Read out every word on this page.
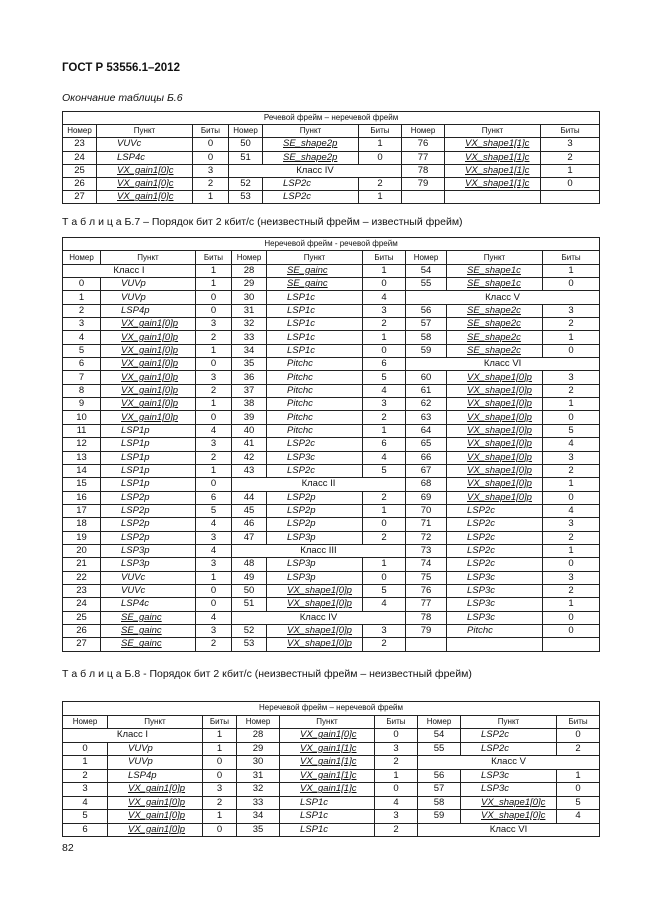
ГОСТ Р 53556.1–2012
Окончание таблицы Б.6
Речевой фрейм – неречевой фрейм								
Номер	Пункт	Биты	Номер	Пункт	Биты	Номер	Пункт	Биты
23	VUVc	0	50	SE_shape2p	1	76	VX_shape1[1]c	3
24	LSP4c	0	51	SE_shape2p	0	77	VX_shape1[1]c	2
25	VX_gain1[0]c	3	Класс IV			78	VX_shape1[1]c	1
26	VX_gain1[0]c	2	52	LSP2c	2	79	VX_shape1[1]c	0
27	VX_gain1[0]c	1	53	LSP2c	1			
Т а б л и ц а Б.7 – Порядок бит 2 кбит/с (неизвестный фрейм – известный фрейм)
Неречевой фрейм - речевой фрейм								
Номер	Пункт	Биты	Номер	Пункт	Биты	Номер	Пункт	Биты
Класс I		1	28	SE_gainc	1	54	SE_shape1c	1
0	VUVp	1	29	SE_gainc	0	55	SE_shape1c	0
1	VUVp	0	30	LSP1c	4	Класс V		
2	LSP4p	0	31	LSP1c	3	56	SE_shape2c	3
3	VX_gain1[0]p	3	32	LSP1c	2	57	SE_shape2c	2
4	VX_gain1[0]p	2	33	LSP1c	1	58	SE_shape2c	1
5	VX_gain1[0]p	1	34	LSP1c	0	59	SE_shape2c	0
6	VX_gain1[0]p	0	35	Pitchc	6	Класс VI		
7	VX_gain1[0]p	3	36	Pitchc	5	60	VX_shape1[0]p	3
8	VX_gain1[0]p	2	37	Pitchc	4	61	VX_shape1[0]p	2
9	VX_gain1[0]p	1	38	Pitchc	3	62	VX_shape1[0]p	1
10	VX_gain1[0]p	0	39	Pitchc	2	63	VX_shape1[0]p	0
11	LSP1p	4	40	Pitchc	1	64	VX_shape1[0]p	5
12	LSP1p	3	41	LSP2c	6	65	VX_shape1[0]p	4
13	LSP1p	2	42	LSP3c	4	66	VX_shape1[0]p	3
14	LSP1p	1	43	LSP2c	5	67	VX_shape1[0]p	2
15	LSP1p	0	Класс II			68	VX_shape1[0]p	1
16	LSP2p	6	44	LSP2p	2	69	VX_shape1[0]p	0
17	LSP2p	5	45	LSP2p	1	70	LSP2c	4
18	LSP2p	4	46	LSP2p	0	71	LSP2c	3
19	LSP2p	3	47	LSP3p	2	72	LSP2c	2
20	LSP3p	4	Класс III			73	LSP2c	1
21	LSP3p	3	48	LSP3p	1	74	LSP2c	0
22	VUVc	1	49	LSP3p	0	75	LSP3c	3
23	VUVc	0	50	VX_shape1[0]p	5	76	LSP3c	2
24	LSP4c	0	51	VX_shape1[0]p	4	77	LSP3c	1
25	SE_gainc	4	Класс IV			78	LSP3c	0
26	SE_gainc	3	52	VX_shape1[0]p	3	79	Pitchc	0
27	SE_gainc	2	53	VX_shape1[0]p	2			
Т а б л и ц а Б.8 - Порядок бит 2 кбит/с (неизвестный фрейм – неизвестный фрейм)
Неречевой фрейм – неречевой фрейм								
Номер	Пункт	Биты	Номер	Пункт	Биты	Номер	Пункт	Биты
Класс I		1	28	VX_gain1[0]c	0	54	LSP2c	0
0	VUVp	1	29	VX_gain1[1]c	3	55	LSP2c	2
1	VUVp	0	30	VX_gain1[1]c	2	Класс V		
2	LSP4p	0	31	VX_gain1[1]c	1	56	LSP3c	1
3	VX_gain1[0]p	3	32	VX_gain1[1]c	0	57	LSP3c	0
4	VX_gain1[0]p	2	33	LSP1c	4	58	VX_shape1[0]c	5
5	VX_gain1[0]p	1	34	LSP1c	3	59	VX_shape1[0]c	4
6	VX_gain1[0]p	0	35	LSP1c	2	Класс VI		
82
